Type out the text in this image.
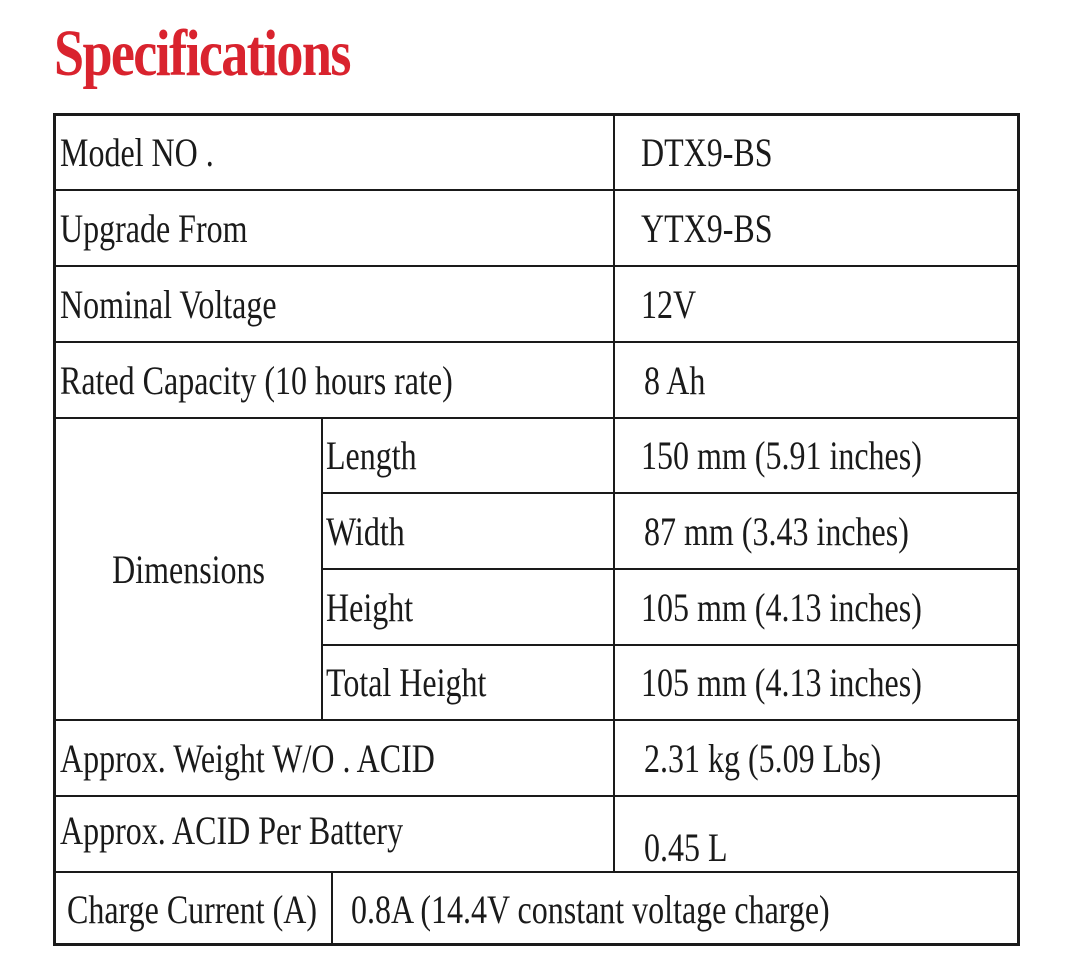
Specifications
Model NO .	DTX9-BS
Upgrade From	YTX9-BS
Nominal Voltage	12V
Rated Capacity (10 hours rate)	8 Ah
Dimensions
Length	150 mm (5.91 inches)
Width	87 mm (3.43 inches)
Height	105 mm (4.13 inches)
Total Height	105 mm (4.13 inches)
Approx. Weight W/O . ACID	2.31 kg (5.09 Lbs)
Approx. ACID Per Battery	0.45 L
Charge Current (A) 0.8A (14.4V constant voltage charge)
